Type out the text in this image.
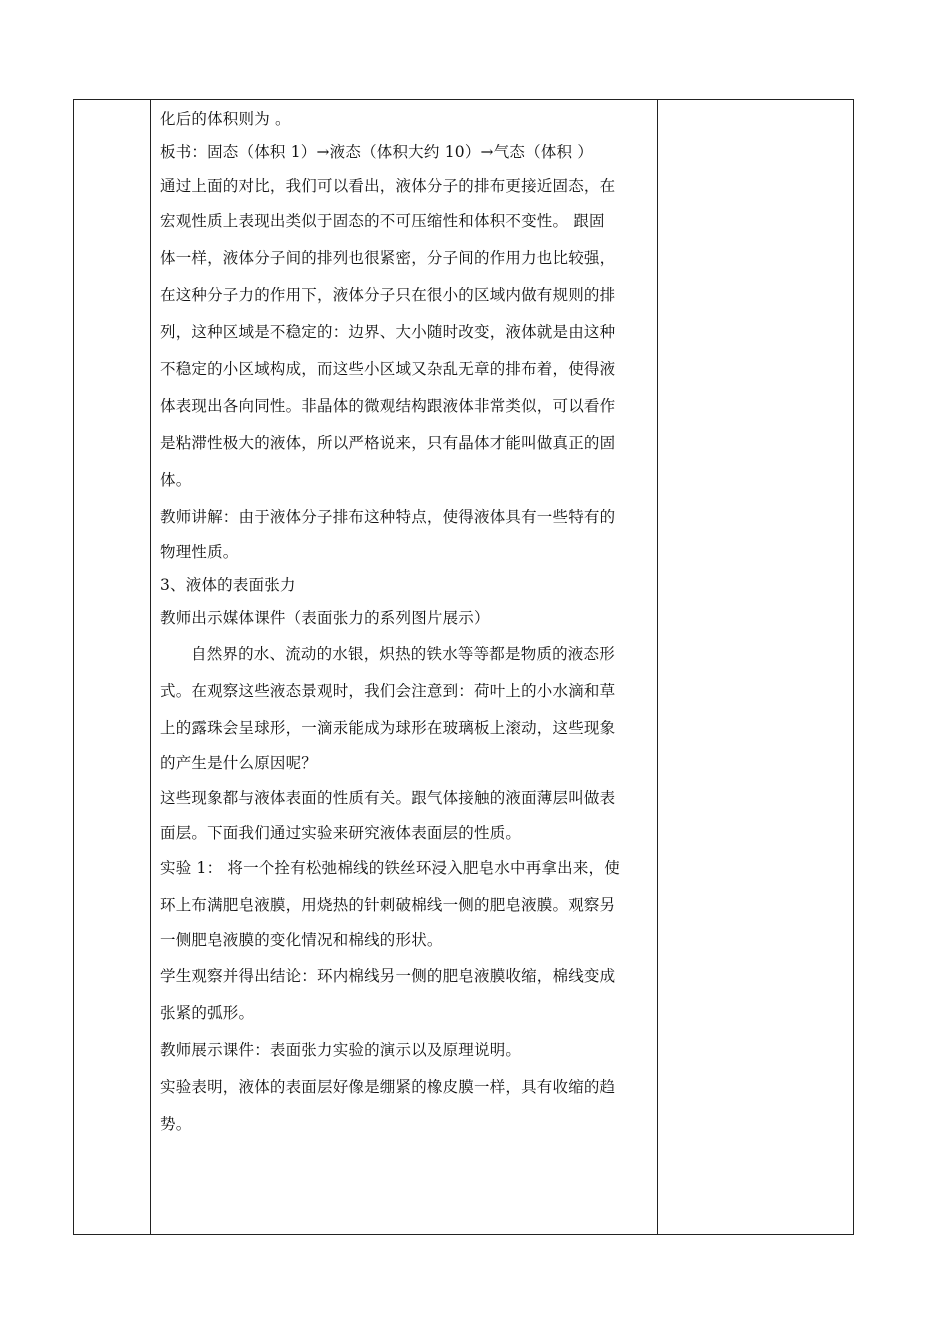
化后的体积则为 。
板书：固态（体积 1）→液态（体积大约 10）→气态（体积 ）
通过上面的对比，我们可以看出，液体分子的排布更接近固态，在
宏观性质上表现出类似于固态的不可压缩性和体积不变性。 跟固
体一样，液体分子间的排列也很紧密，分子间的作用力也比较强，
在这种分子力的作用下，液体分子只在很小的区域内做有规则的排
列，这种区域是不稳定的：边界、大小随时改变，液体就是由这种
不稳定的小区域构成，而这些小区域又杂乱无章的排布着，使得液
体表现出各向同性。非晶体的微观结构跟液体非常类似，可以看作
是粘滞性极大的液体，所以严格说来，只有晶体才能叫做真正的固
体。
教师讲解：由于液体分子排布这种特点，使得液体具有一些特有的
物理性质。
3、液体的表面张力
教师出示媒体课件（表面张力的系列图片展示）
自然界的水、流动的水银，炽热的铁水等等都是物质的液态形
式。在观察这些液态景观时，我们会注意到：荷叶上的小水滴和草
上的露珠会呈球形，一滴汞能成为球形在玻璃板上滚动，这些现象
的产生是什么原因呢？
这些现象都与液体表面的性质有关。跟气体接触的液面薄层叫做表
面层。下面我们通过实验来研究液体表面层的性质。
实验 1： 将一个拴有松弛棉线的铁丝环浸入肥皂水中再拿出来，使
环上布满肥皂液膜，用烧热的针刺破棉线一侧的肥皂液膜。观察另
一侧肥皂液膜的变化情况和棉线的形状。
学生观察并得出结论：环内棉线另一侧的肥皂液膜收缩，棉线变成
张紧的弧形。
教师展示课件：表面张力实验的演示以及原理说明。
实验表明，液体的表面层好像是绷紧的橡皮膜一样，具有收缩的趋
势。
